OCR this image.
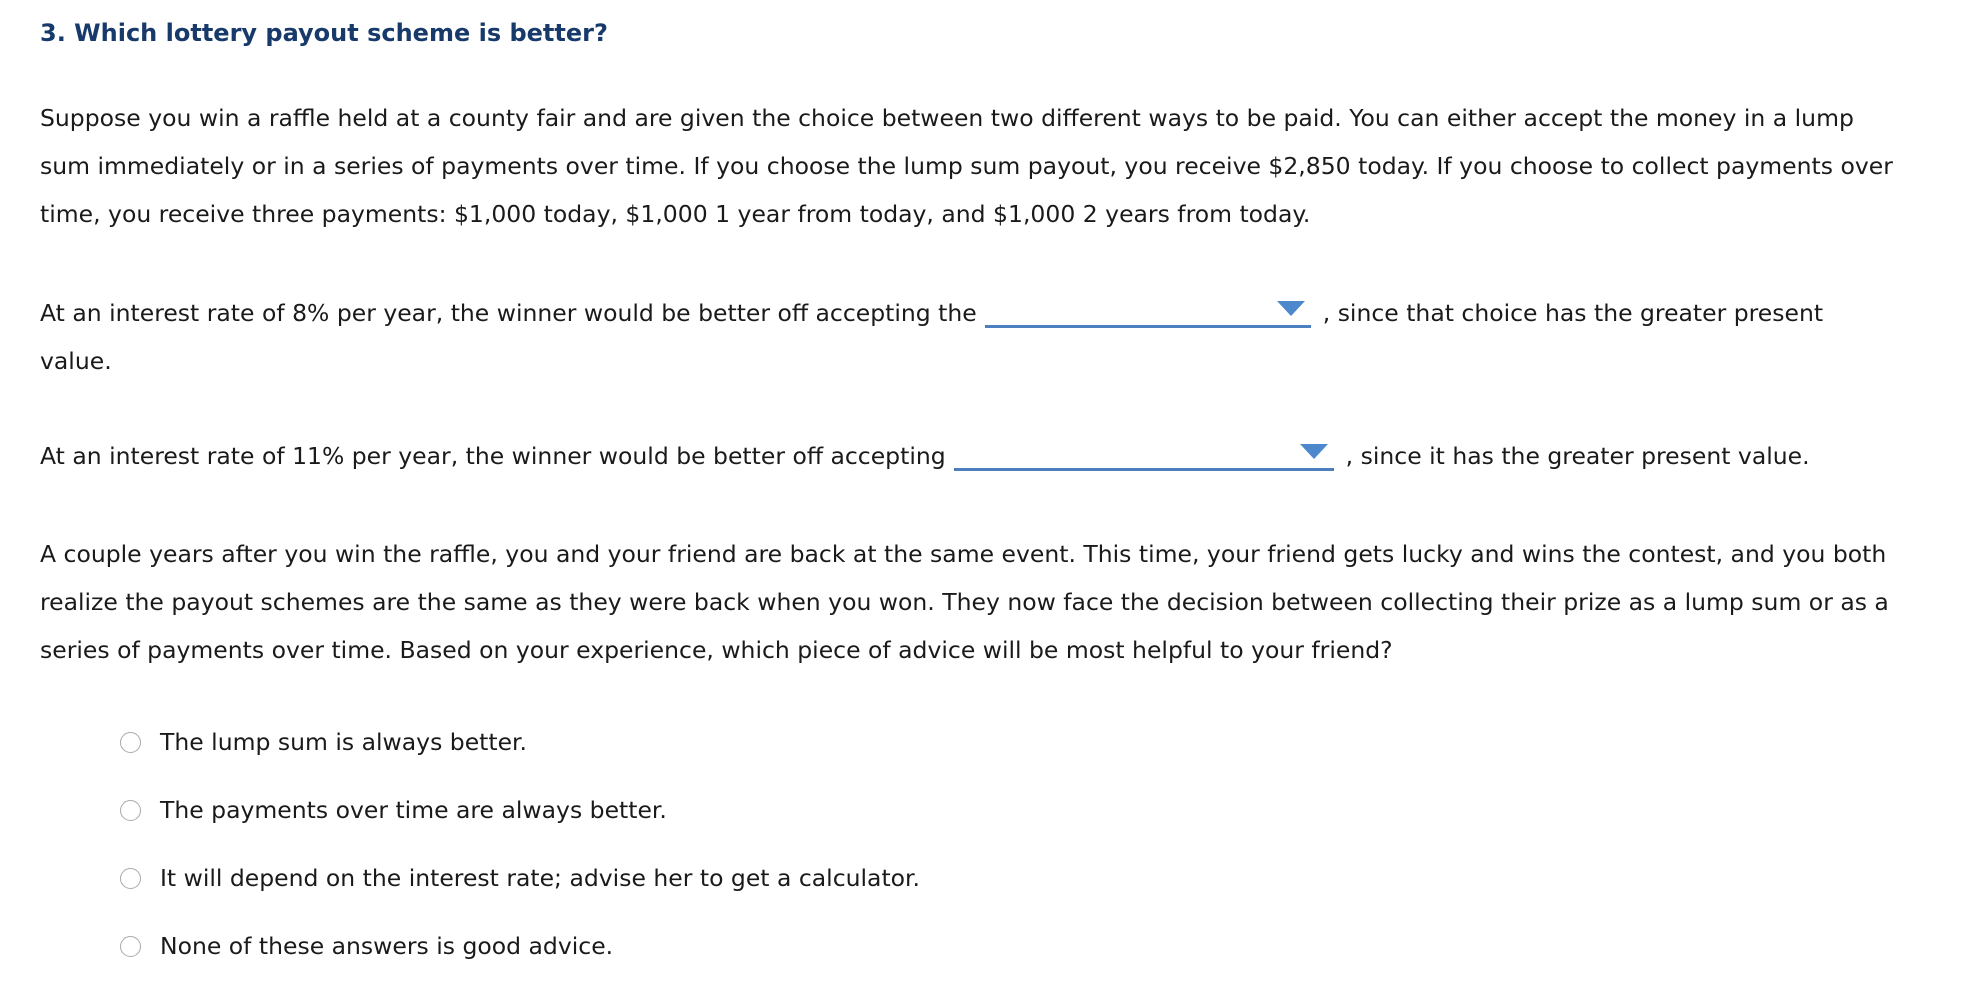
3. Which lottery payout scheme is better?

Suppose you win a raffle held at a county fair and are given the choice between two different ways to be paid. You can either accept the money in a lump sum immediately or in a series of payments over time. If you choose the lump sum payout, you receive $2,850 today. If you choose to collect payments over time, you receive three payments: $1,000 today, $1,000 1 year from today, and $1,000 2 years from today.

At an interest rate of 8% per year, the winner would be better off accepting the	, since that choice has the greater present value.

At an interest rate of 11% per year, the winner would be better off accepting	, since it has the greater present value.

A couple years after you win the raffle, you and your friend are back at the same event. This time, your friend gets lucky and wins the contest, and you both realize the payout schemes are the same as they were back when you won. They now face the decision between collecting their prize as a lump sum or as a series of payments over time. Based on your experience, which piece of advice will be most helpful to your friend?

The lump sum is always better.
The payments over time are always better.
It will depend on the interest rate; advise her to get a calculator.
None of these answers is good advice.
